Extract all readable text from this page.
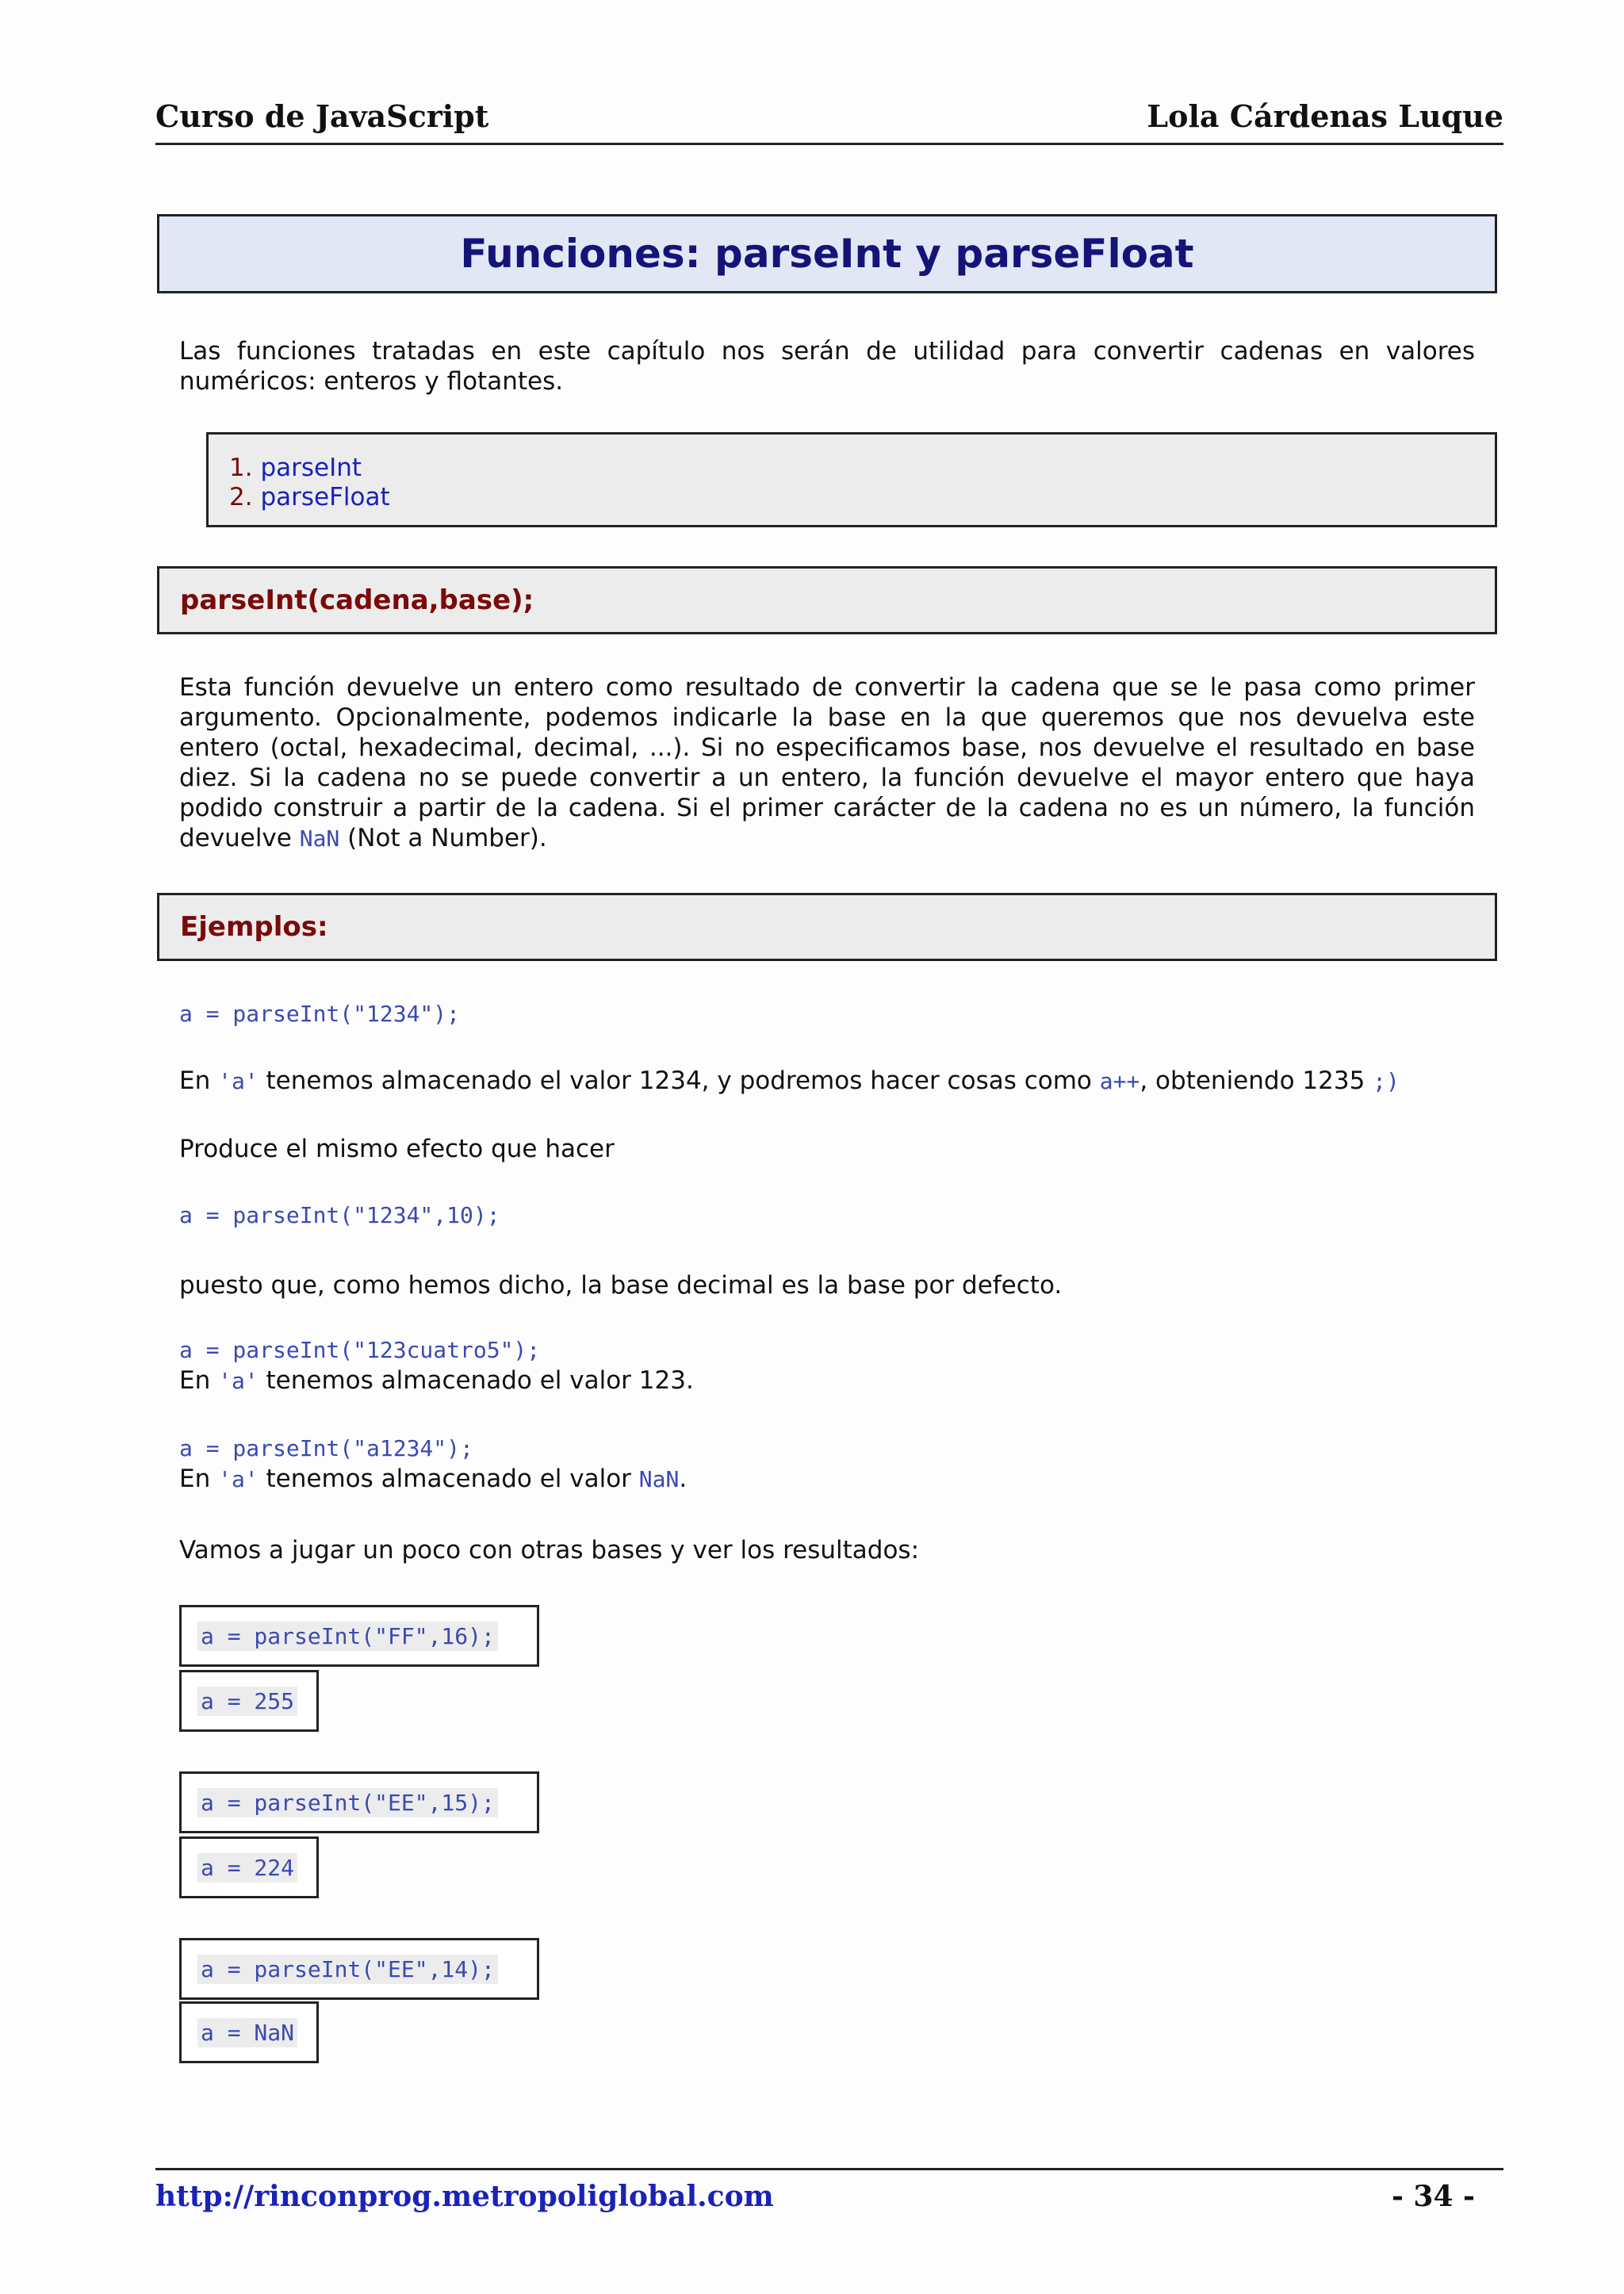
Curso de JavaScript	Lola Cárdenas Luque
Funciones: parseInt y parseFloat
Las funciones tratadas en este capítulo nos serán de utilidad para convertir cadenas en valores numéricos: enteros y flotantes.
1. parseInt
2. parseFloat
parseInt(cadena,base);
Esta función devuelve un entero como resultado de convertir la cadena que se le pasa como primer argumento. Opcionalmente, podemos indicarle la base en la que queremos que nos devuelva este entero (octal, hexadecimal, decimal, ...). Si no especificamos base, nos devuelve el resultado en base diez. Si la cadena no se puede convertir a un entero, la función devuelve el mayor entero que haya podido construir a partir de la cadena. Si el primer carácter de la cadena no es un número, la función devuelve NaN (Not a Number).
Ejemplos:
a = parseInt("1234");
En 'a' tenemos almacenado el valor 1234, y podremos hacer cosas como a++, obteniendo 1235 ;)
Produce el mismo efecto que hacer
a = parseInt("1234",10);
puesto que, como hemos dicho, la base decimal es la base por defecto.
a = parseInt("123cuatro5");
En 'a' tenemos almacenado el valor 123.
a = parseInt("a1234");
En 'a' tenemos almacenado el valor NaN.
Vamos a jugar un poco con otras bases y ver los resultados:
a = parseInt("FF",16);
a = 255
a = parseInt("EE",15);
a = 224
a = parseInt("EE",14);
a = NaN
http://rinconprog.metropoliglobal.com	- 34 -
